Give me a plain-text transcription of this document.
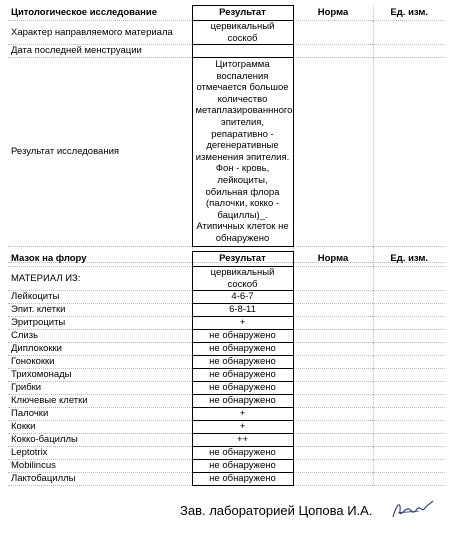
Цитологическое исследование	Результат	Норма	Ед. изм.
Характер направляемого материала	цервикальный соскоб		
Дата последней менструации			
Результат исследования	Цитограмма воспаления отмечается большое количество метаплазированнного эпителия, репаративно - дегенеративные изменения эпителия. Фон - кровь, лейкоциты, обильная флора (палочки, кокко - бациллы)_. Атипичных клеток не обнаружено		

Мазок на флору	Результат	Норма	Ед. изм.
МАТЕРИАЛ ИЗ:	цервикальный соскоб		
Лейкоциты	4-6-7		
Эпит. клетки	6-8-11		
Эритроциты	+		
Слизь	не обнаружено		
Диплококки	не обнаружено		
Гонококки	не обнаружено		
Трихомонады	не обнаружено		
Грибки	не обнаружено		
Ключевые клетки	не обнаружено		
Палочки	+		
Кокки	+		
Кокко-бациллы	++		
Leptotrix	не обнаружено		
Mobilincus	не обнаружено		
Лактобациллы	не обнаружено		
Зав. лабораторией Цопова И.А.
